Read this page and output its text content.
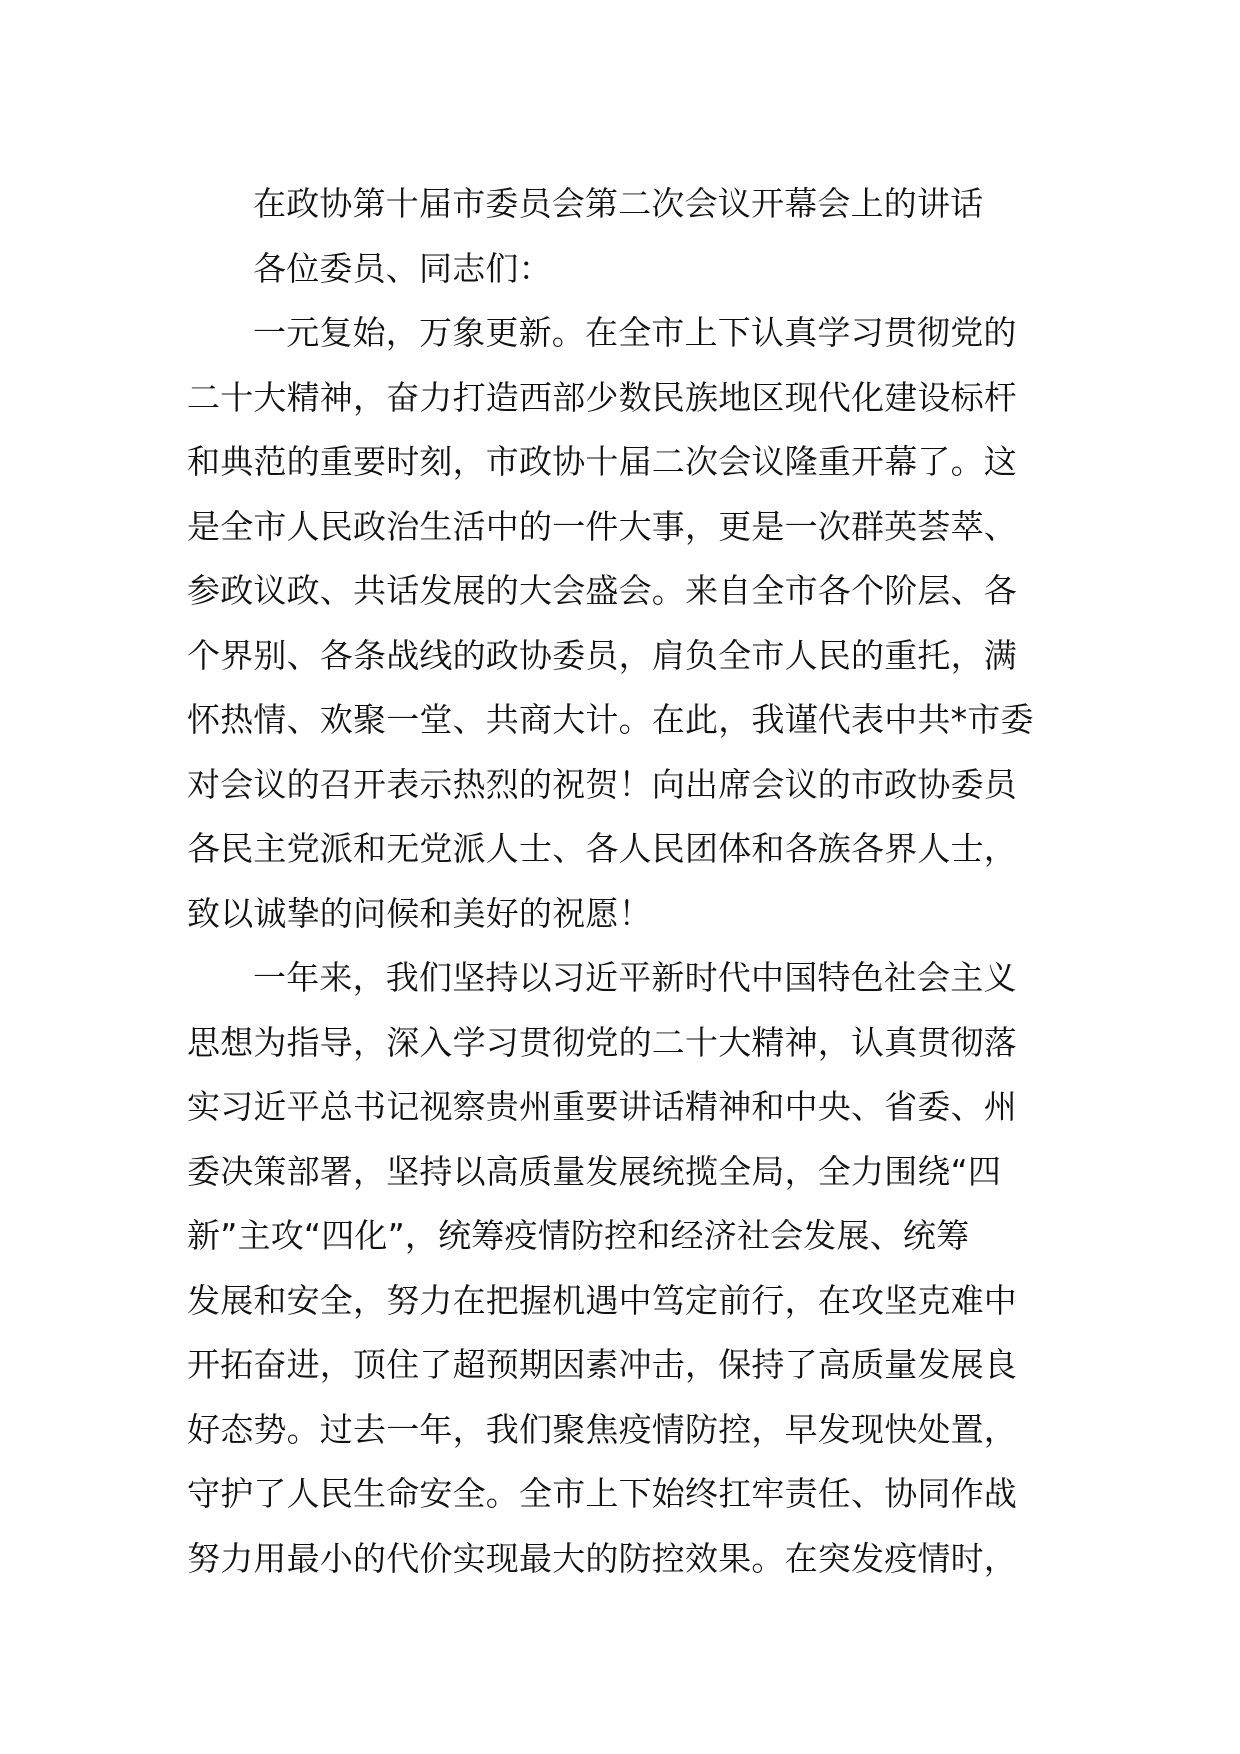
在政协第十届市委员会第二次会议开幕会上的讲话
各位委员、同志们：
一元复始，万象更新。在全市上下认真学习贯彻党的
二十大精神，奋力打造西部少数民族地区现代化建设标杆
和典范的重要时刻，市政协十届二次会议隆重开幕了。这
是全市人民政治生活中的一件大事，更是一次群英荟萃、
参政议政、共话发展的大会盛会。来自全市各个阶层、各
个界别、各条战线的政协委员，肩负全市人民的重托，满
怀热情、欢聚一堂、共商大计。在此，我谨代表中共*市委
对会议的召开表示热烈的祝贺！向出席会议的市政协委员
各民主党派和无党派人士、各人民团体和各族各界人士，
致以诚挚的问候和美好的祝愿！
一年来，我们坚持以习近平新时代中国特色社会主义
思想为指导，深入学习贯彻党的二十大精神，认真贯彻落
实习近平总书记视察贵州重要讲话精神和中央、省委、州
委决策部署，坚持以高质量发展统揽全局，全力围绕“四
新”主攻“四化”，统筹疫情防控和经济社会发展、统筹
发展和安全，努力在把握机遇中笃定前行，在攻坚克难中
开拓奋进，顶住了超预期因素冲击，保持了高质量发展良
好态势。过去一年，我们聚焦疫情防控，早发现快处置，
守护了人民生命安全。全市上下始终扛牢责任、协同作战
努力用最小的代价实现最大的防控效果。在突发疫情时，
